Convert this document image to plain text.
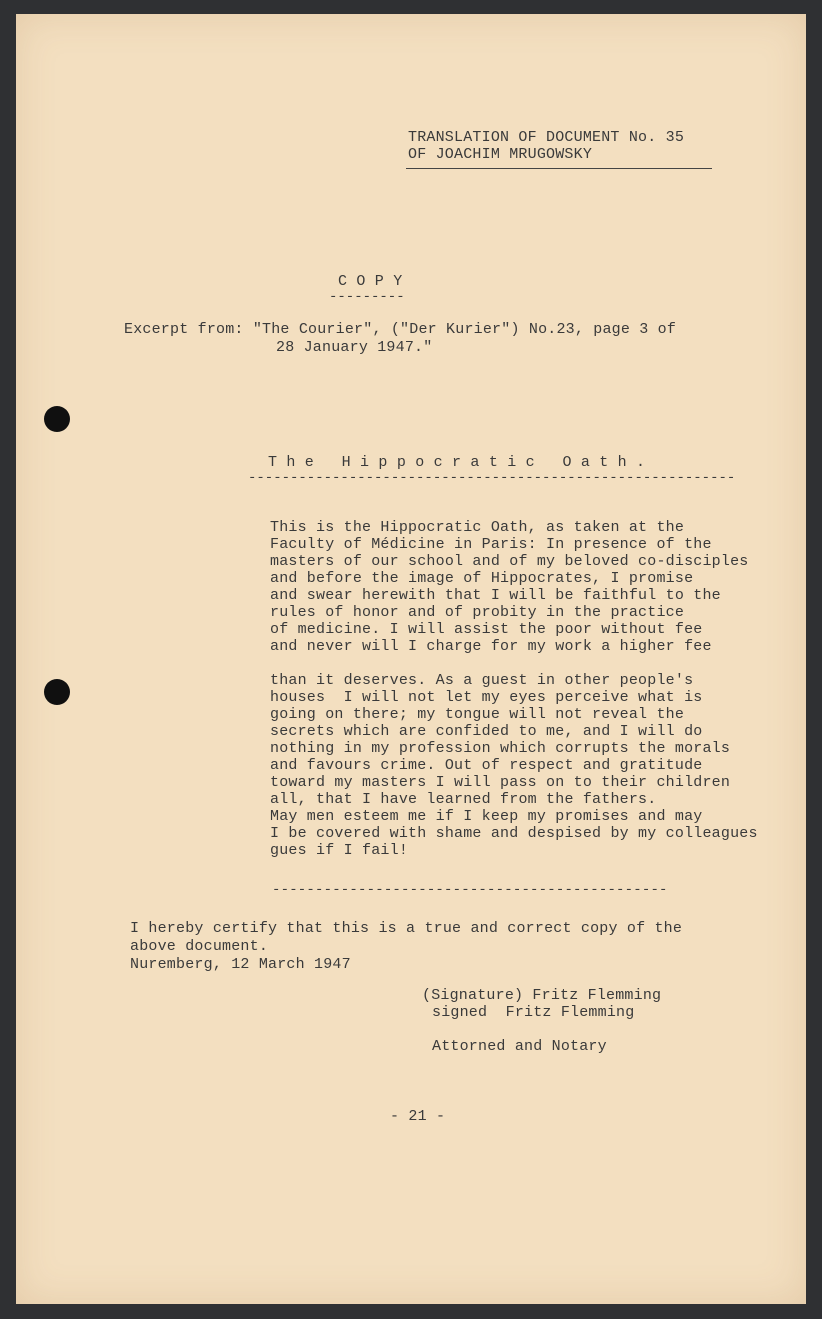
TRANSLATION OF DOCUMENT No. 35
OF JOACHIM MRUGOWSKY
C O P Y
---------
Excerpt from: "The Courier", ("Der Kurier") No.23, page 3 of
28 January 1947."
T h e   H i p p o c r a t i c   O a t h .
----------------------------------------------------------
This is the Hippocratic Oath, as taken at the
Faculty of Médicine in Paris: In presence of the
masters of our school and of my beloved co-disciples
and before the image of Hippocrates, I promise
and swear herewith that I will be faithful to the
rules of honor and of probity in the practice
of medicine. I will assist the poor without fee
and never will I charge for my work a higher fee
than it deserves. As a guest in other people's
houses  I will not let my eyes perceive what is
going on there; my tongue will not reveal the
secrets which are confided to me, and I will do
nothing in my profession which corrupts the morals
and favours crime. Out of respect and gratitude
toward my masters I will pass on to their children
all, that I have learned from the fathers.
May men esteem me if I keep my promises and may
I be covered with shame and despised by my colleagues
gues if I fail!
----------------------------------------------
I hereby certify that this is a true and correct copy of the
above document.
Nuremberg, 12 March 1947
(Signature) Fritz Flemming
signed  Fritz Flemming
Attorned and Notary
- 21 -
